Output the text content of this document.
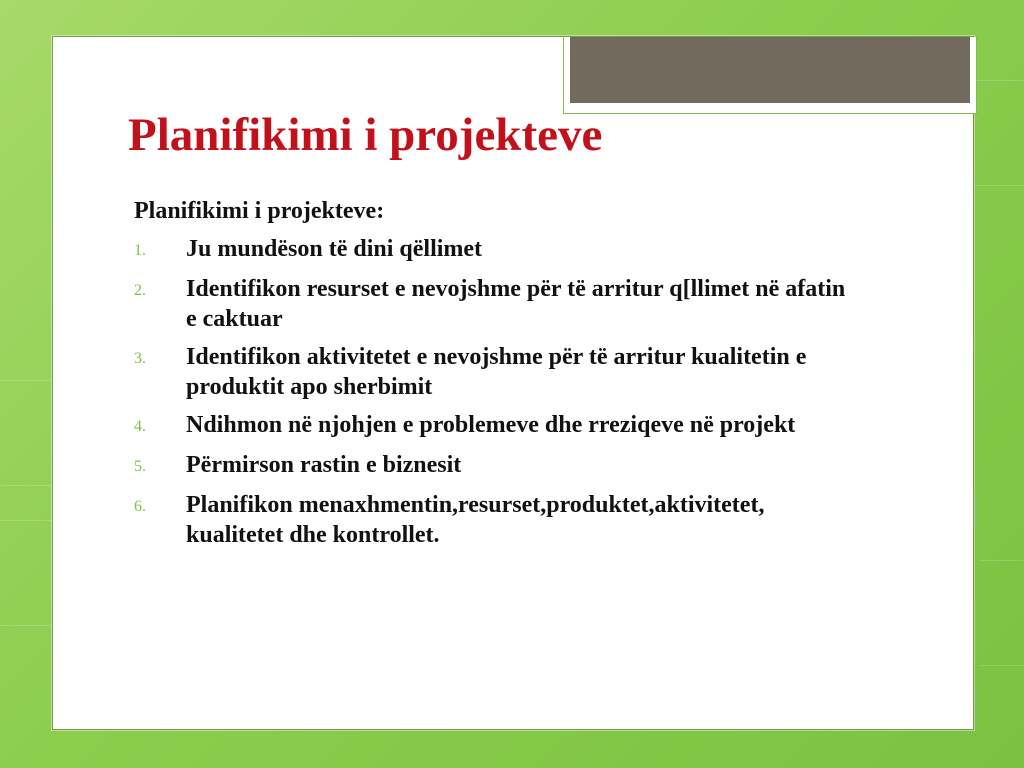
Planifikimi i projekteve

Planifikimi i projekteve:

1.	Ju mundëson të dini qëllimet
2.	Identifikon resurset e nevojshme për të arritur q[llimet në afatin e caktuar
3.	Identifikon aktivitetet e nevojshme për të arritur kualitetin e produktit apo sherbimit
4.	Ndihmon në njohjen e problemeve dhe rreziqeve në projekt
5.	Përmirson rastin e biznesit
6.	Planifikon menaxhmentin,resurset,produktet,aktivitetet, kualitetet dhe kontrollet.
